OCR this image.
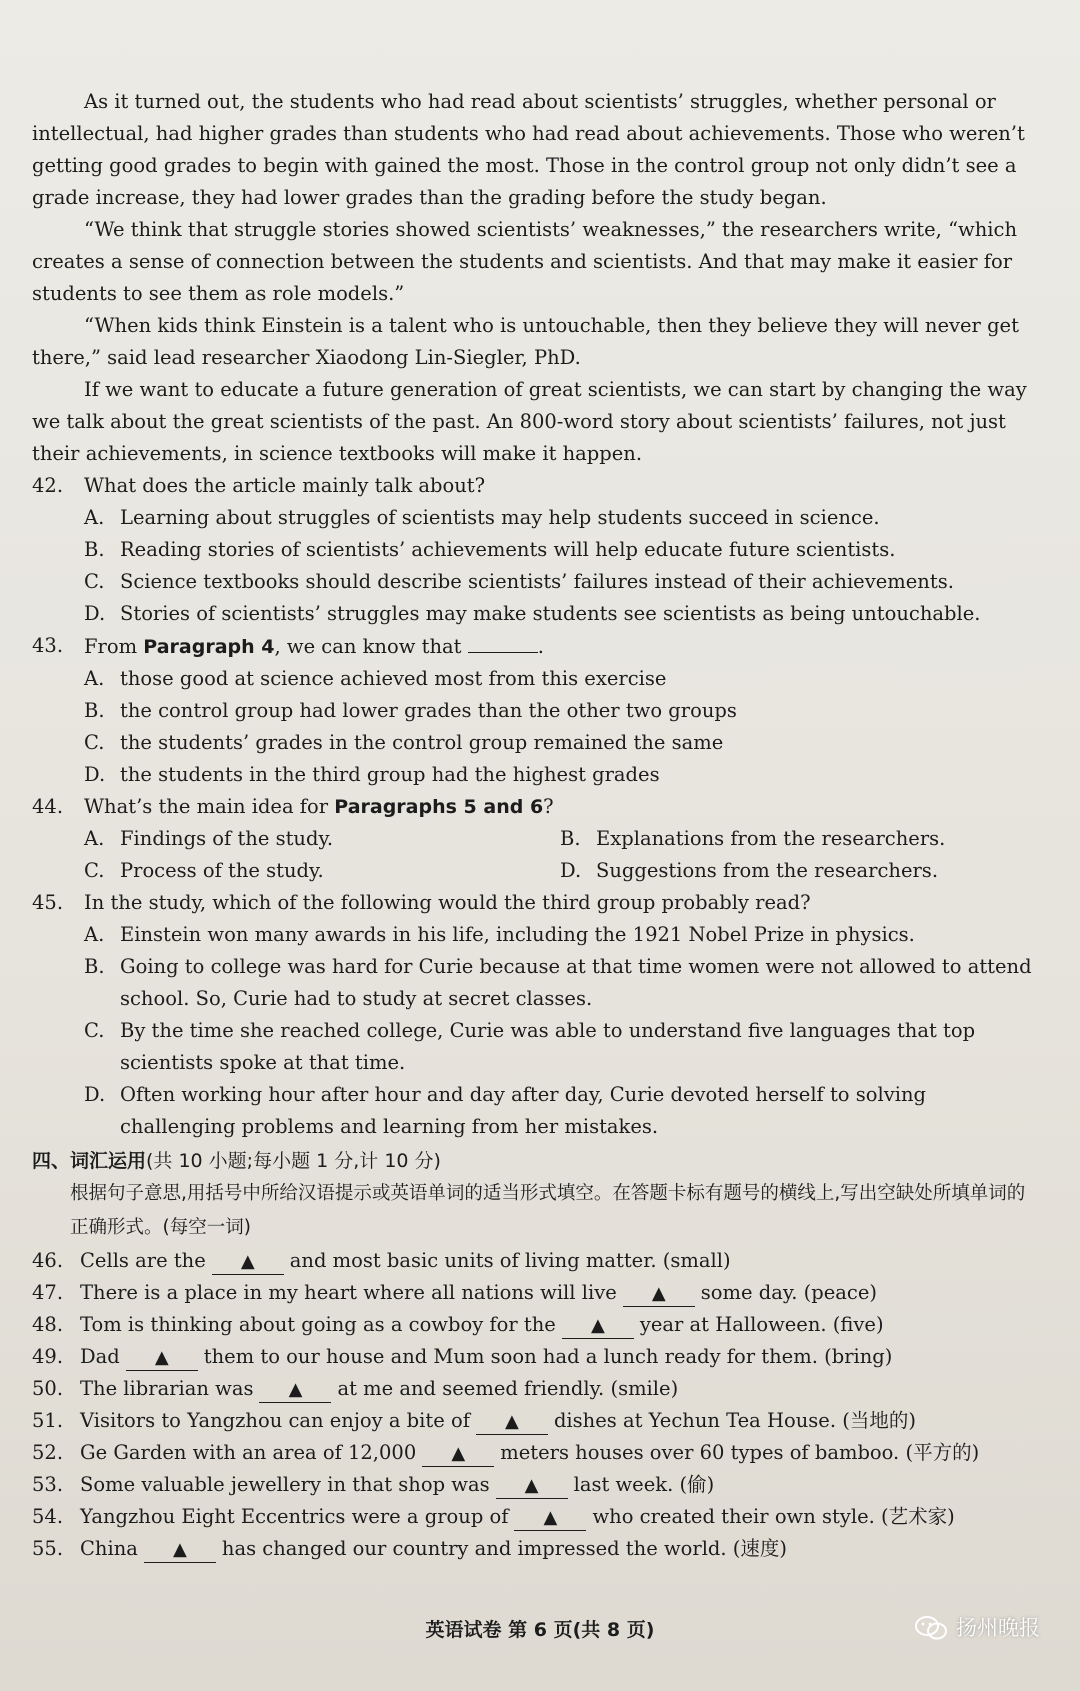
As it turned out, the students who had read about scientists’ struggles, whether personal or intellectual, had higher grades than students who had read about achievements. Those who weren’t getting good grades to begin with gained the most. Those in the control group not only didn’t see a grade increase, they had lower grades than the grading before the study began.

“We think that struggle stories showed scientists’ weaknesses,” the researchers write, “which creates a sense of connection between the students and scientists. And that may make it easier for students to see them as role models.”

“When kids think Einstein is a talent who is untouchable, then they believe they will never get there,” said lead researcher Xiaodong Lin-Siegler, PhD.

If we want to educate a future generation of great scientists, we can start by changing the way we talk about the great scientists of the past. An 800-word story about scientists’ failures, not just their achievements, in science textbooks will make it happen.

42.	What does the article mainly talk about?
A. Learning about struggles of scientists may help students succeed in science.
B. Reading stories of scientists’ achievements will help educate future scientists.
C. Science textbooks should describe scientists’ failures instead of their achievements.
D. Stories of scientists’ struggles may make students see scientists as being untouchable.
43.	From Paragraph 4, we can know that	.
A. those good at science achieved most from this exercise
B. the control group had lower grades than the other two groups
C. the students’ grades in the control group remained the same
D. the students in the third group had the highest grades
44.	What’s the main idea for Paragraphs 5 and 6?
A. Findings of the study.	B. Explanations from the researchers.
C. Process of the study.	D. Suggestions from the researchers.
45.	In the study, which of the following would the third group probably read?
A. Einstein won many awards in his life, including the 1921 Nobel Prize in physics.
B. Going to college was hard for Curie because at that time women were not allowed to attend school. So, Curie had to study at secret classes.
C. By the time she reached college, Curie was able to understand five languages that top scientists spoke at that time.
D. Often working hour after hour and day after day, Curie devoted herself to solving challenging problems and learning from her mistakes.
四、词汇运用(共 10 小题;每小题 1 分,计 10 分)

根据句子意思,用括号中所给汉语提示或英语单词的适当形式填空。在答题卡标有题号的横线上,写出空缺处所填单词的正确形式。(每空一词)

46. Cells are the ▲ and most basic units of living matter. (small)
47. There is a place in my heart where all nations will live ▲ some day. (peace)
48. Tom is thinking about going as a cowboy for the ▲ year at Halloween. (five)
49. Dad ▲ them to our house and Mum soon had a lunch ready for them. (bring)
50. The librarian was ▲ at me and seemed friendly. (smile)
51. Visitors to Yangzhou can enjoy a bite of ▲ dishes at Yechun Tea House. (当地的)
52. Ge Garden with an area of 12,000 ▲ meters houses over 60 types of bamboo. (平方的)
53. Some valuable jewellery in that shop was ▲ last week. (偷)
54. Yangzhou Eight Eccentrics were a group of ▲ who created their own style. (艺术家)
55. China ▲ has changed our country and impressed the world. (速度)
英语试卷 第 6 页(共 8 页)	扬州晚报
